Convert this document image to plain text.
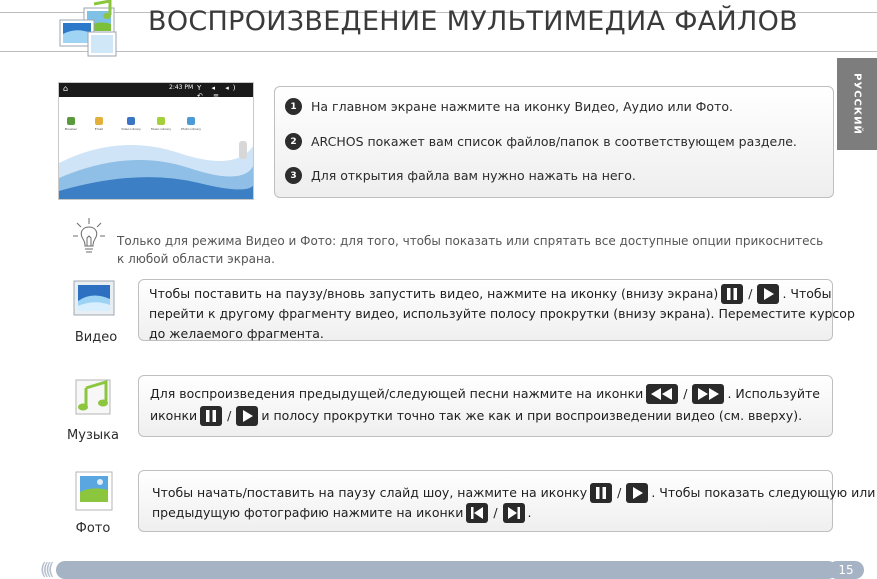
ВОСПРОИЗВЕДЕНИЕ МУЛЬТИМЕДИА ФАЙЛОВ
РУССКИЙ
⌂	2:43 PM Y ◂ ◂) ↶ ≡
Browser	Email	Video Library	Music Library	Photo Library
1	На главном экране нажмите на иконку Видео, Аудио или Фото.
2	ARCHOS покажет вам список файлов/папок в соответствующем разделе.
3	Для открытия файла вам нужно нажать на него.

Только для режима Видео и Фото: для того, чтобы показать или спрятать все доступные опции прикоснитесь к любой области экрана.

Видео
Чтобы поставить на паузу/вновь запустить видео, нажмите на иконку (внизу экрана) / . Чтобы
перейти к другому фрагменту видео, используйте полосу прокрутки (внизу экрана). Переместите курсор
до желаемого фрагмента.
Музыка
Для воспроизведения предыдущей/следующей песни нажмите на иконки	/	. Используйте
иконки / и полосу прокрутки точно так же как и при воспроизведении видео (см. вверху).
Фото
Чтобы начать/поставить на паузу слайд шоу, нажмите на иконку / . Чтобы показать следующую или
предыдущую фотографию нажмите на иконки / .
((((	15
